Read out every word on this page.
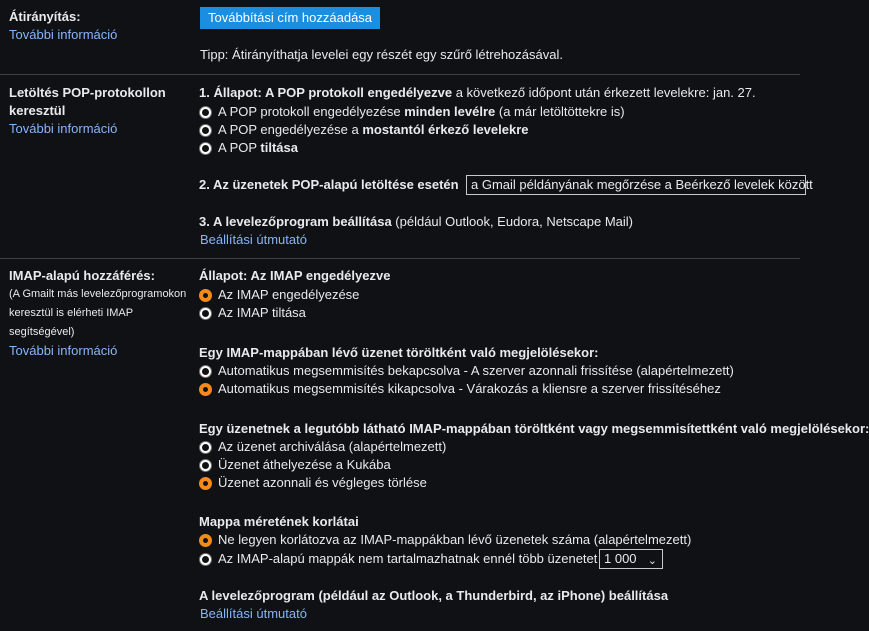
Átirányítás:
További információ
Továbbítási cím hozzáadása
Tipp: Átirányíthatja levelei egy részét egy szűrő létrehozásával.
Letöltés POP-protokollon keresztül
További információ
1. Állapot: A POP protokoll engedélyezve a következő időpont után érkezett levelekre: jan. 27.
A POP protokoll engedélyezése minden levélre (a már letöltöttekre is)
A POP engedélyezése a mostantól érkező levelekre
A POP tiltása
2. Az üzenetek POP-alapú letöltése esetén
3. A levelezőprogram beállítása (például Outlook, Eudora, Netscape Mail)
Beállítási útmutató
a Gmail példányának megőrzése a Beérkező levelek között
IMAP-alapú hozzáférés:
(A Gmailt más levelezőprogramokon
keresztül is elérheti IMAP
segítségével)
További információ
Állapot: Az IMAP engedélyezve
Az IMAP engedélyezése
Az IMAP tiltása
Egy IMAP-mappában lévő üzenet töröltként való megjelölésekor:
Automatikus megsemmisítés bekapcsolva - A szerver azonnali frissítése (alapértelmezett)
Automatikus megsemmisítés kikapcsolva - Várakozás a kliensre a szerver frissítéséhez
Egy üzenetnek a legutóbb látható IMAP-mappában töröltként vagy megsemmisítettként való megjelölésekor:
Az üzenet archiválása (alapértelmezett)
Üzenet áthelyezése a Kukába
Üzenet azonnali és végleges törlése
Mappa méretének korlátai
Ne legyen korlátozva az IMAP-mappákban lévő üzenetek száma (alapértelmezett)
Az IMAP-alapú mappák nem tartalmazhatnak ennél több üzenetet
A levelezőprogram (például az Outlook, a Thunderbird, az iPhone) beállítása
Beállítási útmutató
1 000 ⌄
